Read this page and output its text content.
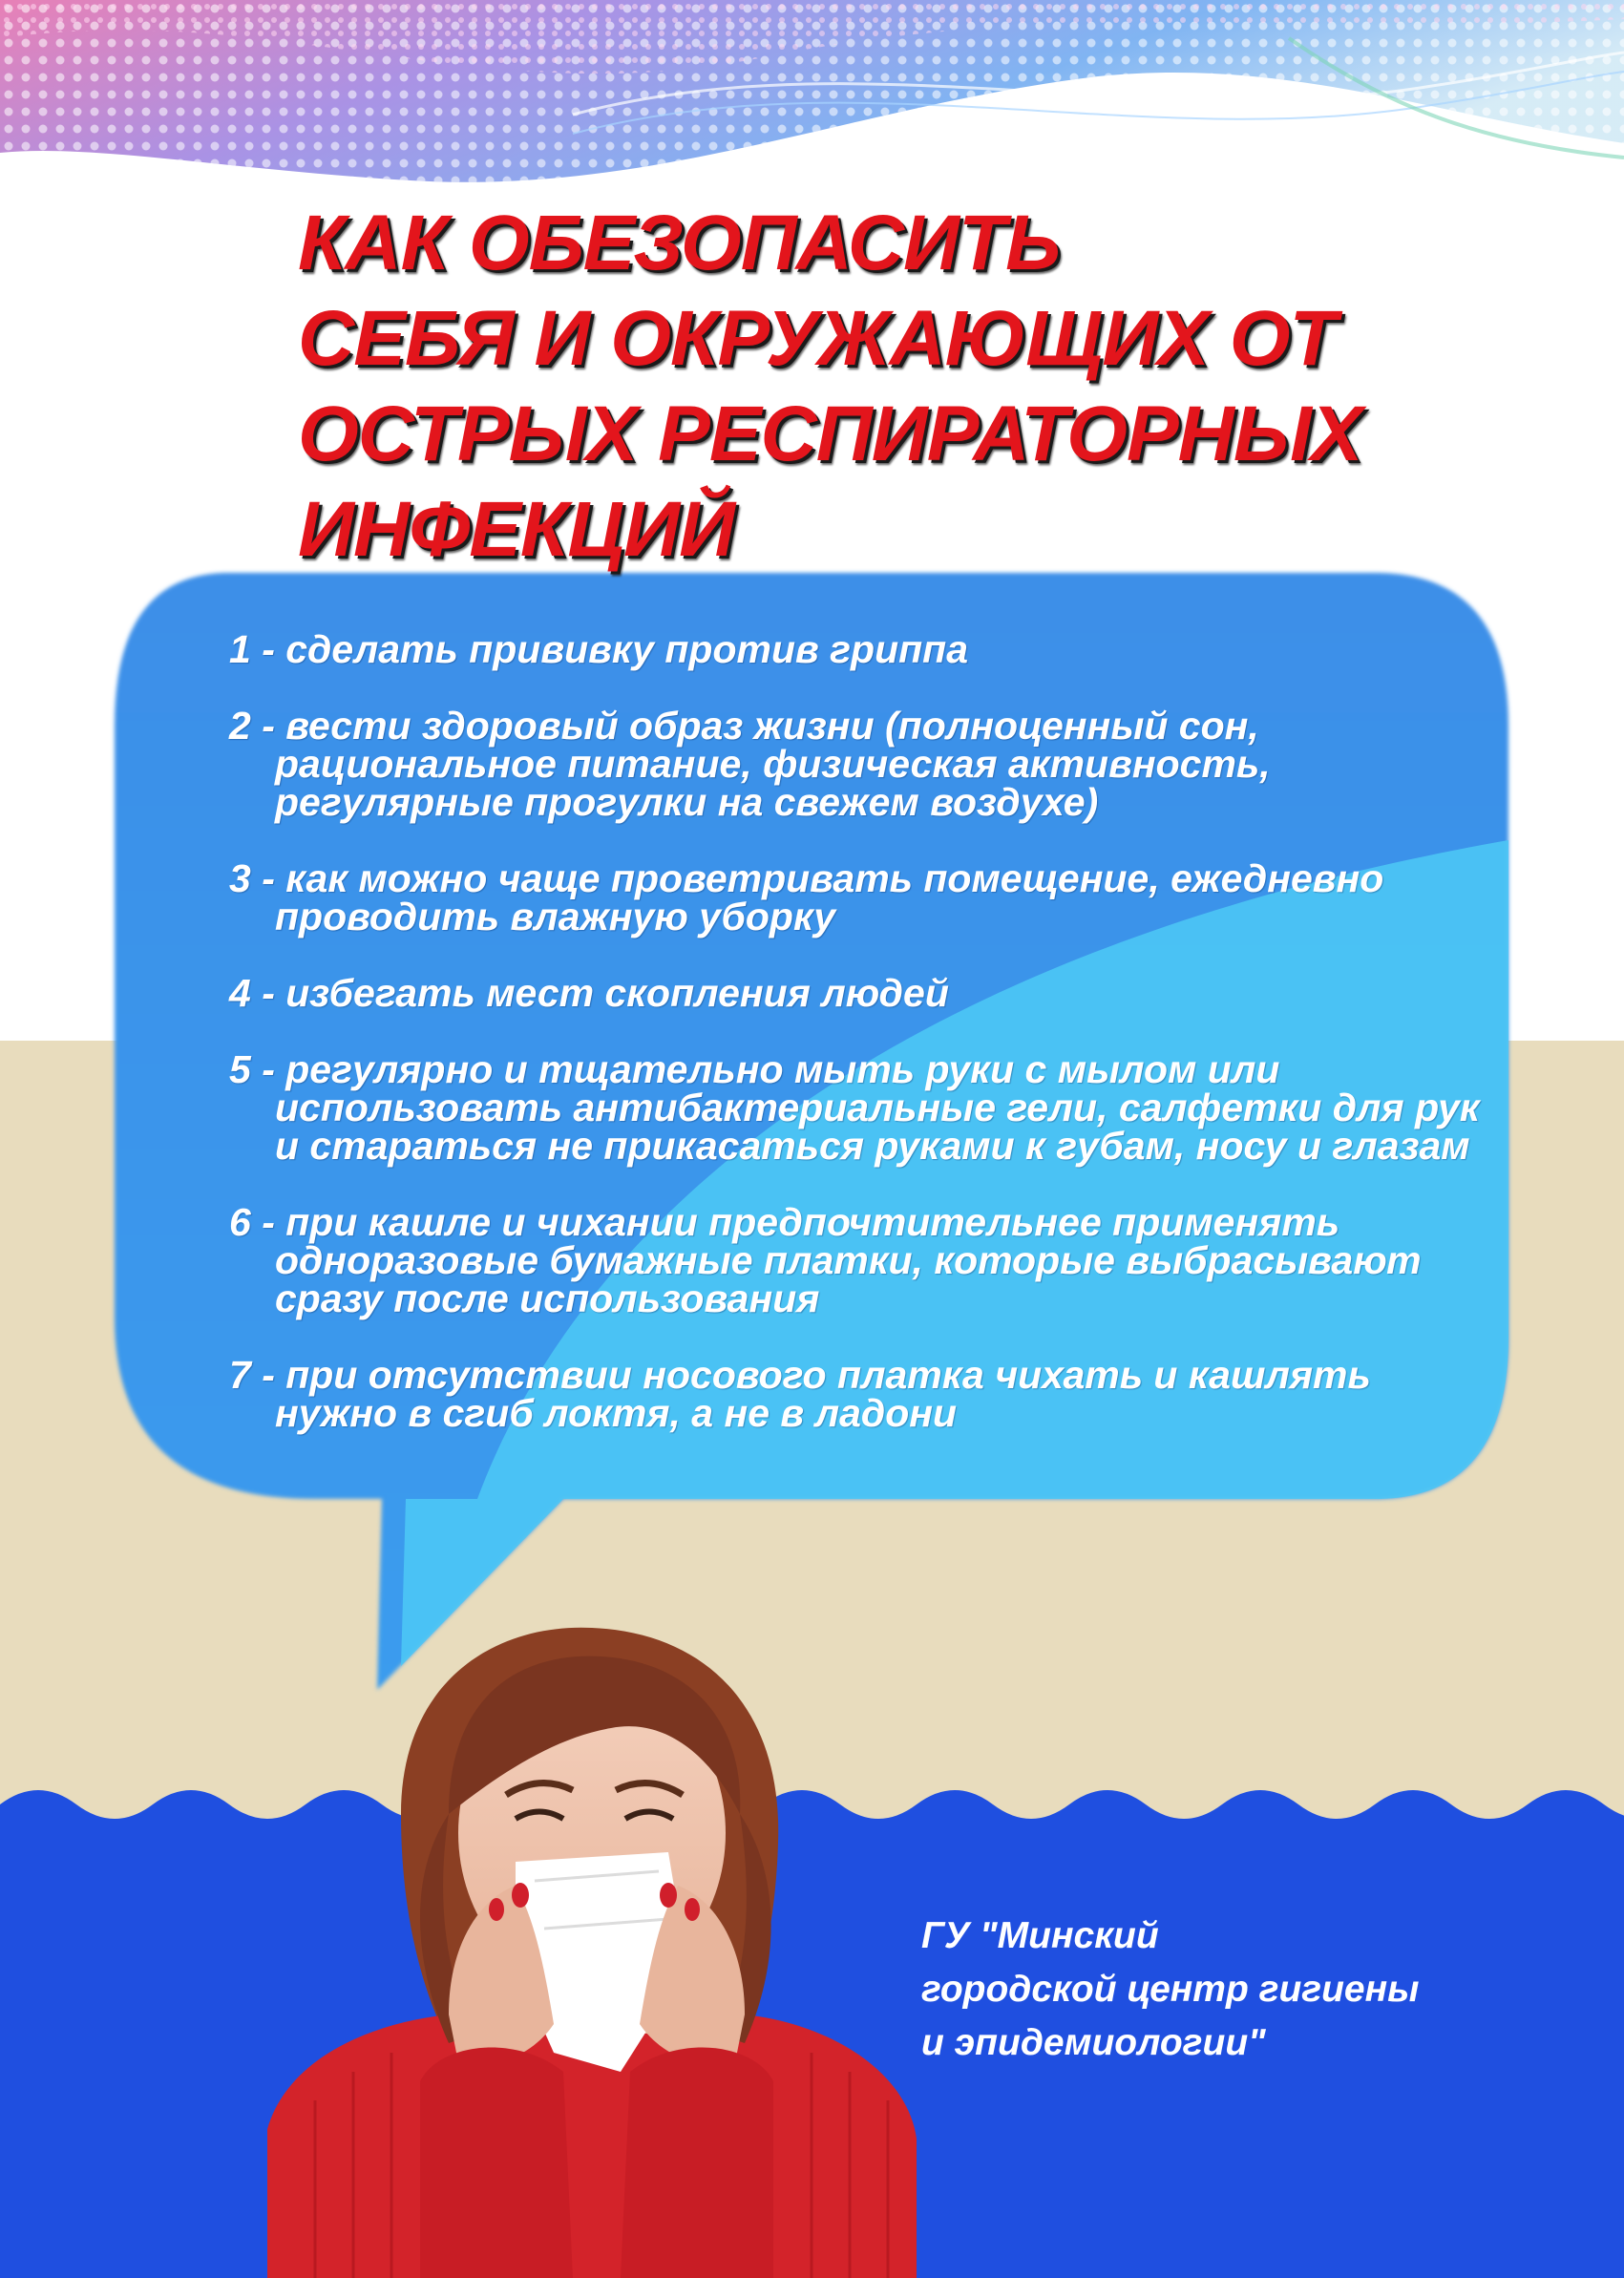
КАК ОБЕЗОПАСИТЬ
СЕБЯ И ОКРУЖАЮЩИХ ОТ
ОСТРЫХ РЕСПИРАТОРНЫХ
ИНФЕКЦИЙ
1 - сделать прививку против гриппа
2 - вести здоровый образ жизни (полноценный сон, рациональное питание, физическая активность, регулярные прогулки на свежем воздухе)
3 - как можно чаще проветривать помещение, ежедневно проводить влажную уборку
4 - избегать мест скопления людей
5 - регулярно и тщательно мыть руки с мылом или использовать антибактериальные гели, салфетки для рук и стараться не прикасаться руками к губам, носу и глазам
6 - при кашле и чихании предпочтительнее применять одноразовые бумажные платки, которые выбрасывают сразу после использования
7 - при отсутствии носового платка чихать и кашлять нужно в сгиб локтя, а не в ладони
ГУ "Минский
городской центр гигиены
и эпидемиологии"
